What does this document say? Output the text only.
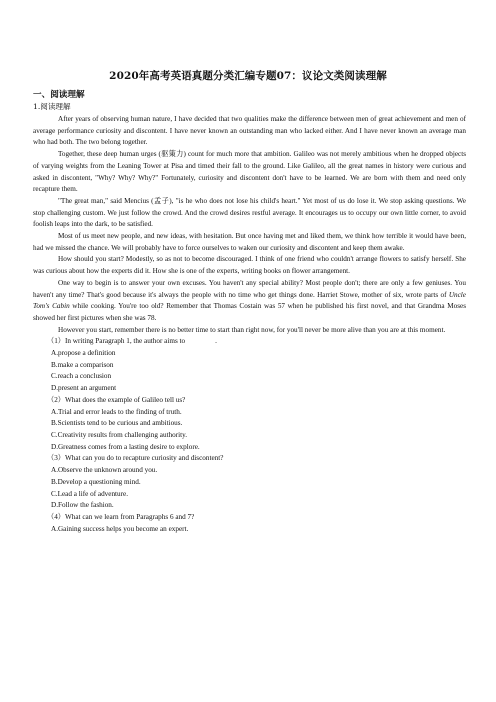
2020年高考英语真题分类汇编专题07：议论文类阅读理解
一、阅读理解
1.阅读理解

After years of observing human nature, I have decided that two qualities make the difference between men of great achievement and men of average performance curiosity and discontent. I have never known an outstanding man who lacked either. And I have never known an average man who had both. The two belong together.

Together, these deep human urges (驱策力) count for much more that ambition. Galileo was not merely ambitious when he dropped objects of varying weights from the Leaning Tower at Pisa and timed their fall to the ground. Like Galileo, all the great names in history were curious and asked in discontent, "Why? Why? Why?" Fortunately, curiosity and discontent don't have to be learned. We are born with them and need only recapture them.

"The great man," said Mencius (孟子), "is he who does not lose his child's heart." Yet most of us do lose it. We stop asking questions. We stop challenging custom. We just follow the crowd. And the crowd desires restful average. It encourages us to occupy our own little corner, to avoid foolish leaps into the dark, to be satisfied.

Most of us meet new people, and new ideas, with hesitation. But once having met and liked them, we think how terrible it would have been, had we missed the chance. We will probably have to force ourselves to waken our curiosity and discontent and keep them awake.

How should you start? Modestly, so as not to become discouraged. I think of one friend who couldn't arrange flowers to satisfy herself. She was curious about how the experts did it. How she is one of the experts, writing books on flower arrangement.

One way to begin is to answer your own excuses. You haven't any special ability? Most people don't; there are only a few geniuses. You haven't any time? That's good because it's always the people with no time who get things done. Harriet Stowe, mother of six, wrote parts of Uncle Tom's Cabin while cooking. You're too old? Remember that Thomas Costain was 57 when he published his first novel, and that Grandma Moses showed her first pictures when she was 78.

However you start, remember there is no better time to start than right now, for you'll never be more alive than you are at this moment.

（1）In writing Paragraph 1, the author aims to	.

A.propose a definition

B.make a comparison

C.reach a conclusion

D.present an argument

（2）What does the example of Galileo tell us?

A.Trial and error leads to the finding of truth.

B.Scientists tend to be curious and ambitious.

C.Creativity results from challenging authority.

D.Greatness comes from a lasting desire to explore.

（3）What can you do to recapture curiosity and discontent?

A.Observe the unknown around you.

B.Develop a questioning mind.

C.Lead a life of adventure.

D.Follow the fashion.

（4）What can we learn from Paragraphs 6 and 7?

A.Gaining success helps you become an expert.
